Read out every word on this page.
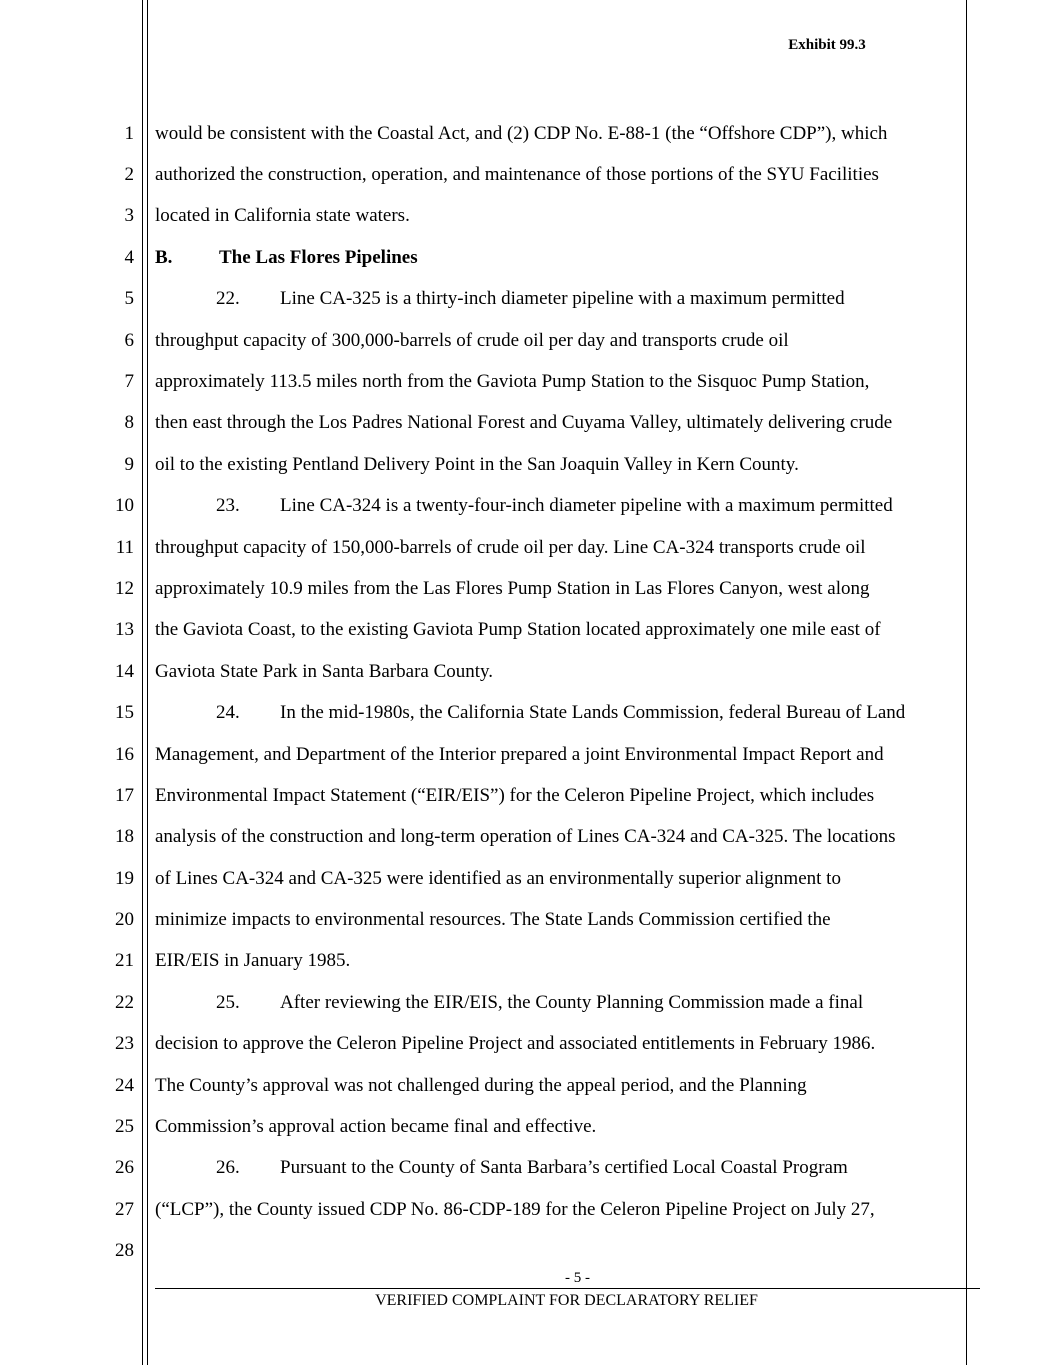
Exhibit 99.3
1
2
3
4
5
6
7
8
9
10
11
12
13
14
15
16
17
18
19
20
21
22
23
24
25
26
27
28
would be consistent with the Coastal Act, and (2) CDP No. E-88-1 (the “Offshore CDP”), which
authorized the construction, operation, and maintenance of those portions of the SYU Facilities
located in California state waters.
B. The Las Flores Pipelines
22. Line CA-325 is a thirty-inch diameter pipeline with a maximum permitted
throughput capacity of 300,000-barrels of crude oil per day and transports crude oil
approximately 113.5 miles north from the Gaviota Pump Station to the Sisquoc Pump Station,
then east through the Los Padres National Forest and Cuyama Valley, ultimately delivering crude
oil to the existing Pentland Delivery Point in the San Joaquin Valley in Kern County.
23. Line CA-324 is a twenty-four-inch diameter pipeline with a maximum permitted
throughput capacity of 150,000-barrels of crude oil per day. Line CA-324 transports crude oil
approximately 10.9 miles from the Las Flores Pump Station in Las Flores Canyon, west along
the Gaviota Coast, to the existing Gaviota Pump Station located approximately one mile east of
Gaviota State Park in Santa Barbara County.
24. In the mid-1980s, the California State Lands Commission, federal Bureau of Land
Management, and Department of the Interior prepared a joint Environmental Impact Report and
Environmental Impact Statement (“EIR/EIS”) for the Celeron Pipeline Project, which includes
analysis of the construction and long-term operation of Lines CA-324 and CA-325. The locations
of Lines CA-324 and CA-325 were identified as an environmentally superior alignment to
minimize impacts to environmental resources. The State Lands Commission certified the
EIR/EIS in January 1985.
25. After reviewing the EIR/EIS, the County Planning Commission made a final
decision to approve the Celeron Pipeline Project and associated entitlements in February 1986.
The County’s approval was not challenged during the appeal period, and the Planning
Commission’s approval action became final and effective.
26. Pursuant to the County of Santa Barbara’s certified Local Coastal Program
(“LCP”), the County issued CDP No. 86-CDP-189 for the Celeron Pipeline Project on July 27,
- 5 -
VERIFIED COMPLAINT FOR DECLARATORY RELIEF
